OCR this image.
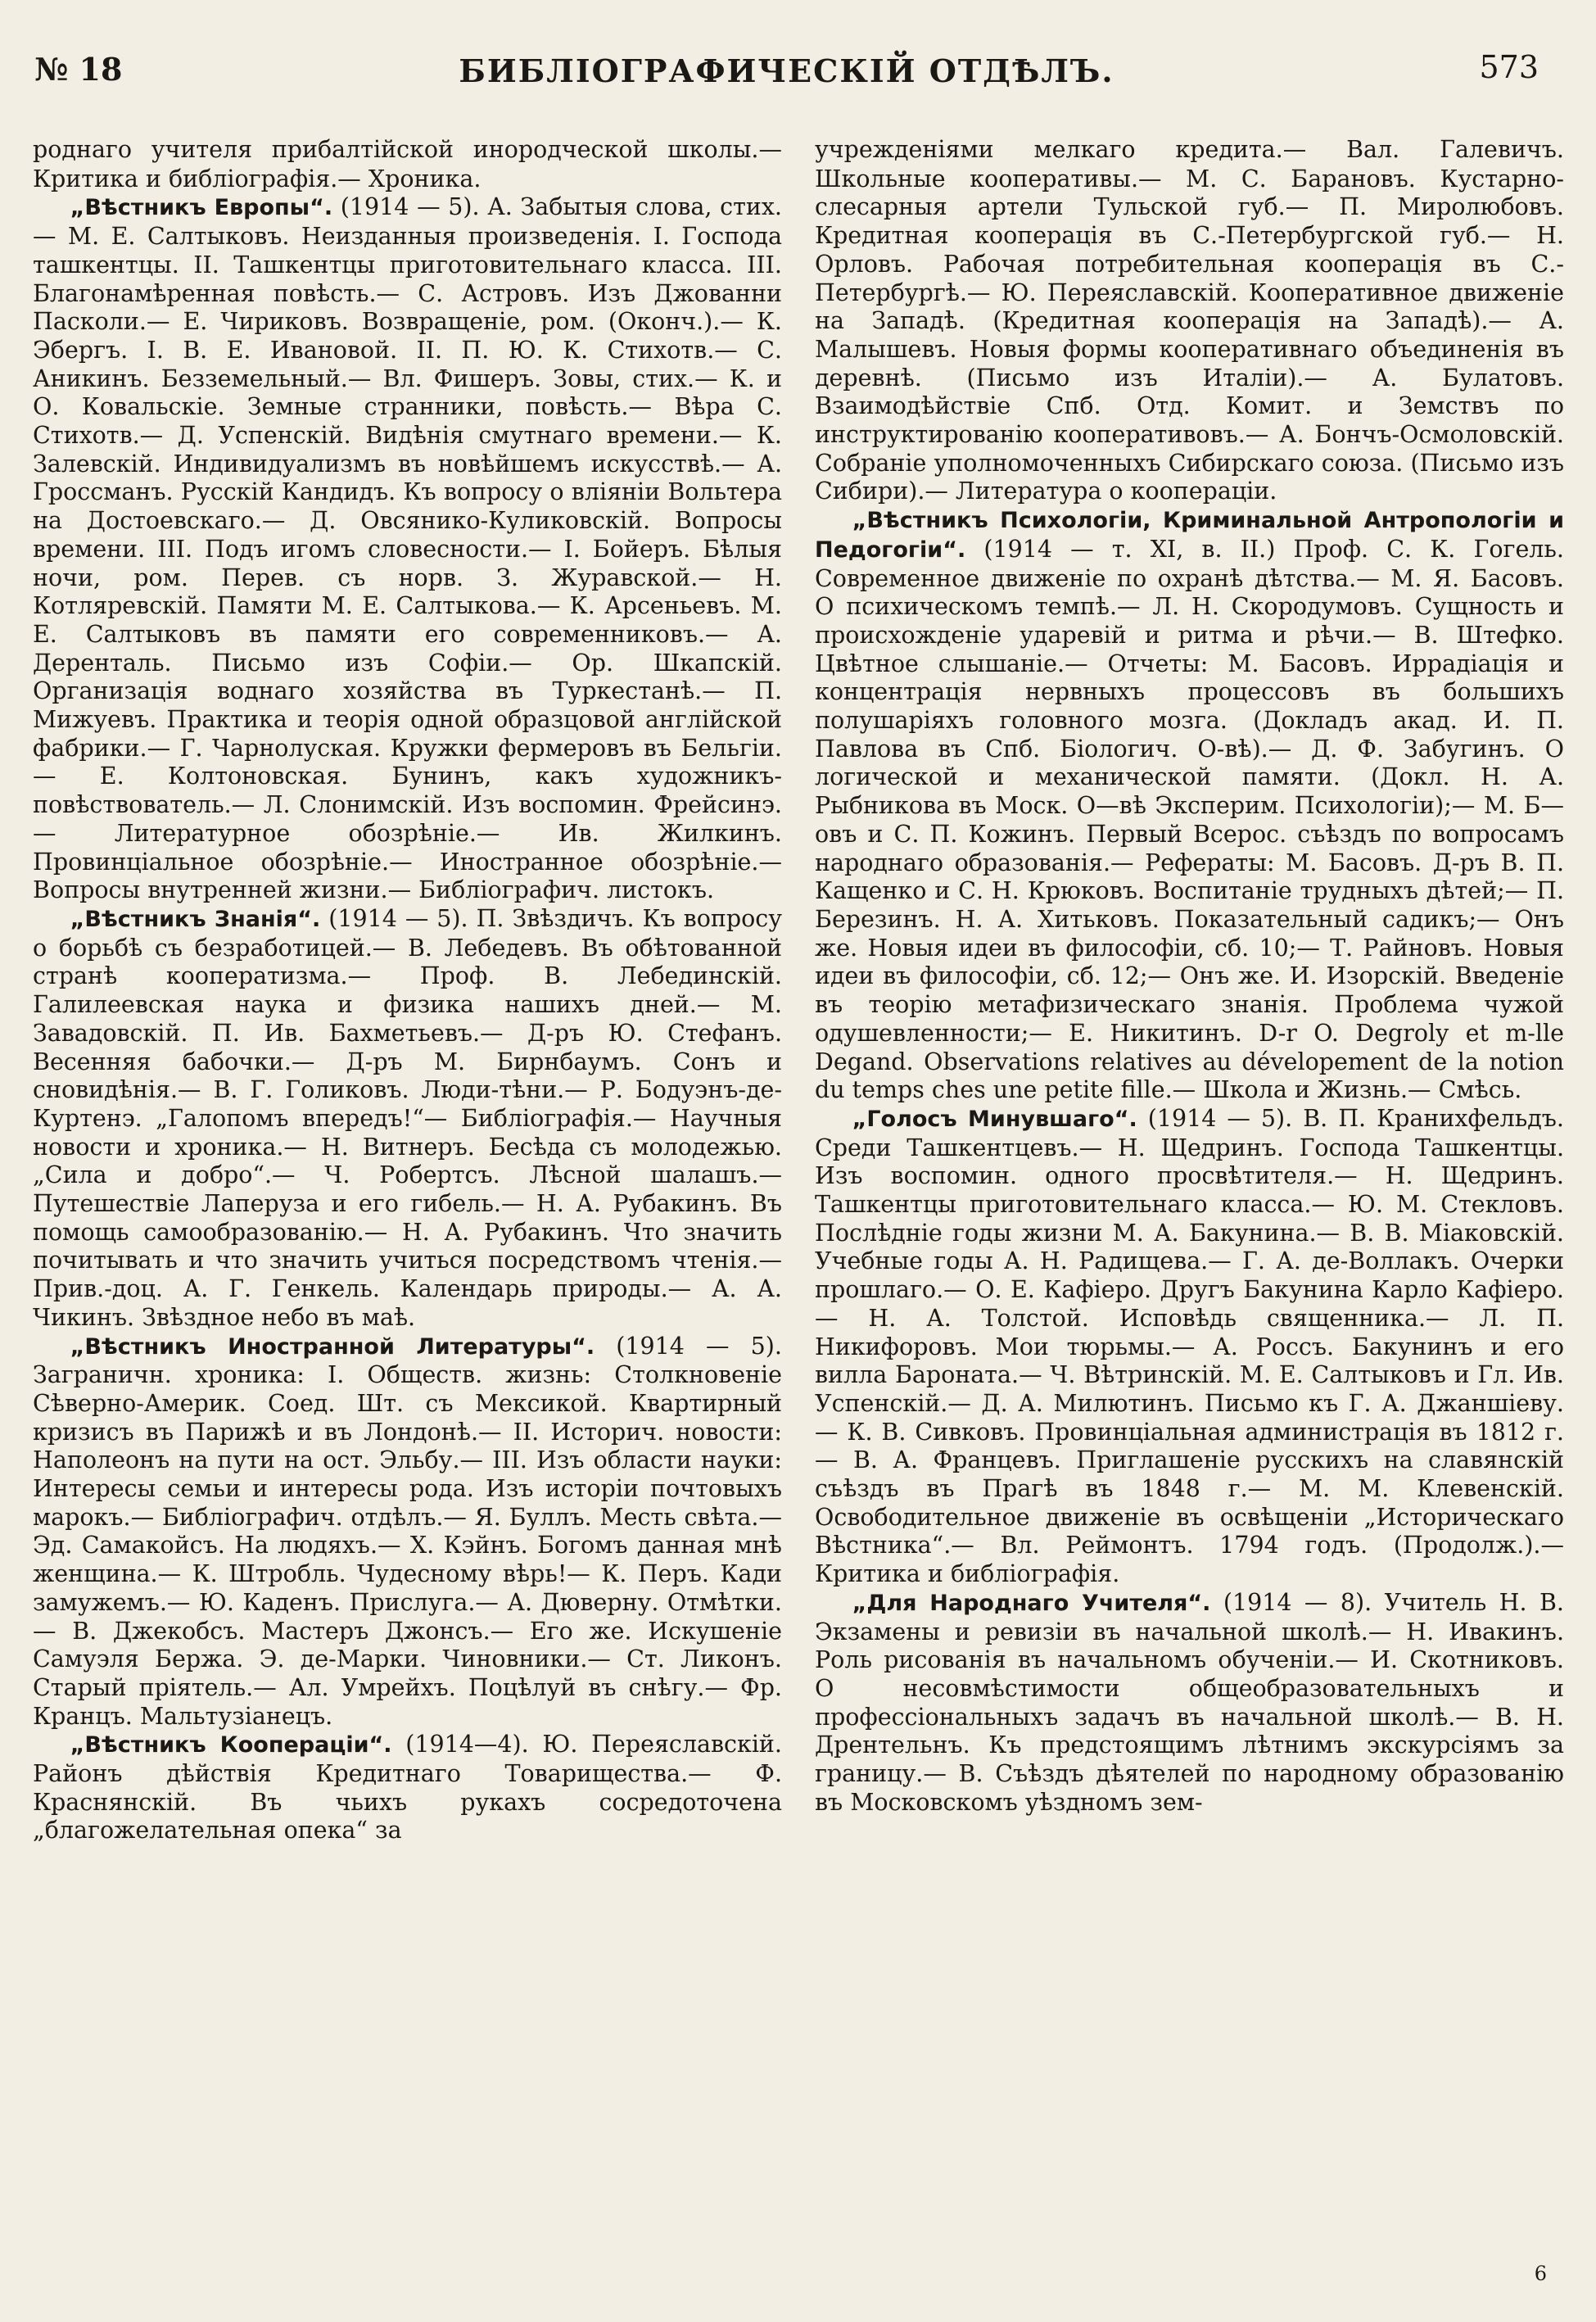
№ 18	БИБЛІОГРАФИЧЕСКІЙ ОТДѢЛЪ.	573

роднаго учителя прибалтійской инородческой школы.— Критика и библіографія.— Хроника.

„Вѣстникъ Европы“. (1914 — 5). А. Забытыя слова, стих.— М. Е. Салтыковъ. Неизданныя произведенія. I. Господа ташкентцы. II. Ташкентцы приготовительнаго класса. III. Благонамѣренная повѣсть.— С. Астровъ. Изъ Джованни Пасколи.— Е. Чириковъ. Возвращеніе, ром. (Оконч.).— К. Эбергъ. I. В. Е. Ивановой. II. П. Ю. К. Стихотв.— С. Аникинъ. Безземельный.— Вл. Фишеръ. Зовы, стих.— К. и О. Ковальскіе. Земные странники, повѣсть.— Вѣра С. Стихотв.— Д. Успенскій. Видѣнія смутнаго времени.— К. Залевскій. Индивидуализмъ въ новѣйшемъ искусствѣ.— А. Гроссманъ. Русскій Кандидъ. Къ вопросу о вліяніи Вольтера на Достоевскаго.— Д. Овсянико-Куликовскій. Вопросы времени. III. Подъ игомъ словесности.— I. Бойеръ. Бѣлыя ночи, ром. Перев. съ норв. З. Журавской.— Н. Котляревскій. Памяти М. Е. Салтыкова.— К. Арсеньевъ. М. Е. Салтыковъ въ памяти его современниковъ.— А. Деренталь. Письмо изъ Софіи.— Ор. Шкапскій. Организація воднаго хозяйства въ Туркестанѣ.— П. Мижуевъ. Практика и теорія одной образцовой англійской фабрики.— Г. Чарнолуская. Кружки фермеровъ въ Бельгіи.— Е. Колтоновская. Бунинъ, какъ художникъ-повѣствователь.— Л. Слонимскій. Изъ воспомин. Фрейсинэ.— Литературное обозрѣніе.— Ив. Жилкинъ. Провинціальное обозрѣніе.— Иностранное обозрѣніе.— Вопросы внутренней жизни.— Библіографич. листокъ.

„Вѣстникъ Знанія“. (1914 — 5). П. Звѣздичъ. Къ вопросу о борьбѣ съ безработицей.— В. Лебедевъ. Въ обѣтованной странѣ кооператизма.— Проф. В. Лебединскій. Галилеевская наука и физика нашихъ дней.— М. Завадовскій. П. Ив. Бахметьевъ.— Д-ръ Ю. Стефанъ. Весенняя бабочки.— Д-ръ М. Бирнбаумъ. Сонъ и сновидѣнія.— В. Г. Голиковъ. Люди-тѣни.— Р. Бодуэнъ-де-Куртенэ. „Галопомъ впередъ!“— Библіографія.— Научныя новости и хроника.— Н. Витнеръ. Бесѣда съ молодежью. „Сила и добро“.— Ч. Робертсъ. Лѣсной шалашъ.— Путешествіе Лаперуза и его гибель.— Н. А. Рубакинъ. Въ помощь самообразованію.— Н. А. Рубакинъ. Что значить почитывать и что значить учиться посредствомъ чтенія.— Прив.-доц. А. Г. Генкель. Календарь природы.— А. А. Чикинъ. Звѣздное небо въ маѣ.

„Вѣстникъ Иностранной Литературы“. (1914 — 5). Заграничн. хроника: I. Обществ. жизнь: Столкновеніе Сѣверно-Америк. Соед. Шт. съ Мексикой. Квартирный кризисъ въ Парижѣ и въ Лондонѣ.— II. Историч. новости: Наполеонъ на пути на ост. Эльбу.— III. Изъ области науки: Интересы семьи и интересы рода. Изъ исторіи почтовыхъ марокъ.— Библіографич. отдѣлъ.— Я. Буллъ. Месть свѣта.— Эд. Самакойсъ. На людяхъ.— Х. Кэйнъ. Богомъ данная мнѣ женщина.— К. Штробль. Чудесному вѣрь!— К. Перъ. Кади замужемъ.— Ю. Каденъ. Прислуга.— А. Дюверну. Отмѣтки.— В. Джекобсъ. Мастеръ Джонсъ.— Его же. Искушеніе Самуэля Бержа. Э. де-Марки. Чиновники.— Ст. Ликонъ. Старый пріятель.— Ал. Умрейхъ. Поцѣлуй въ снѣгу.— Фр. Кранцъ. Мальтузіанецъ.

„Вѣстникъ Коопераціи“. (1914—4). Ю. Переяславскій. Районъ дѣйствія Кредитнаго Товарищества.— Ф. Краснянскій. Въ чьихъ рукахъ сосредоточена „благожелательная опека“ за

учрежденіями мелкаго кредита.— Вал. Галевичъ. Школьные кооперативы.— М. С. Барановъ. Кустарно-слесарныя артели Тульской губ.— П. Миролюбовъ. Кредитная кооперація въ С.-Петербургской губ.— Н. Орловъ. Рабочая потребительная кооперація въ С.-Петербургѣ.— Ю. Переяславскій. Кооперативное движеніе на Западѣ. (Кредитная кооперація на Западѣ).— А. Малышевъ. Новыя формы кооперативнаго объединенія въ деревнѣ. (Письмо изъ Италіи).— А. Булатовъ. Взаимодѣйствіе Спб. Отд. Комит. и Земствъ по инструктированію кооперативовъ.— А. Бончъ-Осмоловскій. Собраніе уполномоченныхъ Сибирскаго союза. (Письмо изъ Сибири).— Литература о коопераціи.

„Вѣстникъ Психологіи, Криминальной Антропологіи и Педогогіи“. (1914 — т. XI, в. II.) Проф. С. К. Гогель. Современное движеніе по охранѣ дѣтства.— М. Я. Басовъ. О психическомъ темпѣ.— Л. Н. Скородумовъ. Сущность и происхожденіе ударевій и ритма и рѣчи.— В. Штефко. Цвѣтное слышаніе.— Отчеты: М. Басовъ. Иррадіація и концентрація нервныхъ процессовъ въ большихъ полушаріяхъ головного мозга. (Докладъ акад. И. П. Павлова въ Спб. Біологич. О-вѣ).— Д. Ф. Забугинъ. О логической и механической памяти. (Докл. Н. А. Рыбникова въ Моск. О—вѣ Эксперим. Психологіи);— М. Б—овъ и С. П. Кожинъ. Первый Всерос. съѣздъ по вопросамъ народнаго образованія.— Рефераты: М. Басовъ. Д-ръ В. П. Кащенко и С. Н. Крюковъ. Воспитаніе трудныхъ дѣтей;— П. Березинъ. Н. А. Хитьковъ. Показательный садикъ;— Онъ же. Новыя идеи въ философіи, сб. 10;— Т. Райновъ. Новыя идеи въ философіи, сб. 12;— Онъ же. И. Изорскій. Введеніе въ теорію метафизическаго знанія. Проблема чужой одушевленности;— Е. Никитинъ. D-r O. Degroly et m-lle Degand. Observations relatives au dévelopement de la notion du temps ches une petite fille.— Школа и Жизнь.— Смѣсь.

„Голосъ Минувшаго“. (1914 — 5). В. П. Кранихфельдъ. Среди Ташкентцевъ.— Н. Щедринъ. Господа Ташкентцы. Изъ воспомин. одного просвѣтителя.— Н. Щедринъ. Ташкентцы приготовительнаго класса.— Ю. М. Стекловъ. Послѣдніе годы жизни М. А. Бакунина.— В. В. Міаковскій. Учебные годы А. Н. Радищева.— Г. А. де-Воллакъ. Очерки прошлаго.— О. Е. Кафіеро. Другъ Бакунина Карло Кафіеро.— Н. А. Толстой. Исповѣдь священника.— Л. П. Никифоровъ. Мои тюрьмы.— А. Россъ. Бакунинъ и его вилла Бароната.— Ч. Вѣтринскій. М. Е. Салтыковъ и Гл. Ив. Успенскій.— Д. А. Милютинъ. Письмо къ Г. А. Джаншіеву.— К. В. Сивковъ. Провинціальная администрація въ 1812 г.— В. А. Францевъ. Приглашеніе русскихъ на славянскій съѣздъ въ Прагѣ въ 1848 г.— М. М. Клевенскій. Освободительное движеніе въ освѣщеніи „Историческаго Вѣстника“.— Вл. Реймонтъ. 1794 годъ. (Продолж.).— Критика и библіографія.

„Для Народнаго Учителя“. (1914 — 8). Учитель Н. В. Экзамены и ревизіи въ начальной школѣ.— Н. Ивакинъ. Роль рисованія въ начальномъ обученіи.— И. Скотниковъ. О несовмѣстимости общеобразовательныхъ и профессіональныхъ задачъ въ начальной школѣ.— В. Н. Дрентельнъ. Къ предстоящимъ лѣтнимъ экскурсіямъ за границу.— В. Съѣздъ дѣятелей по народному образованію въ Московскомъ уѣздномъ зем-

6
